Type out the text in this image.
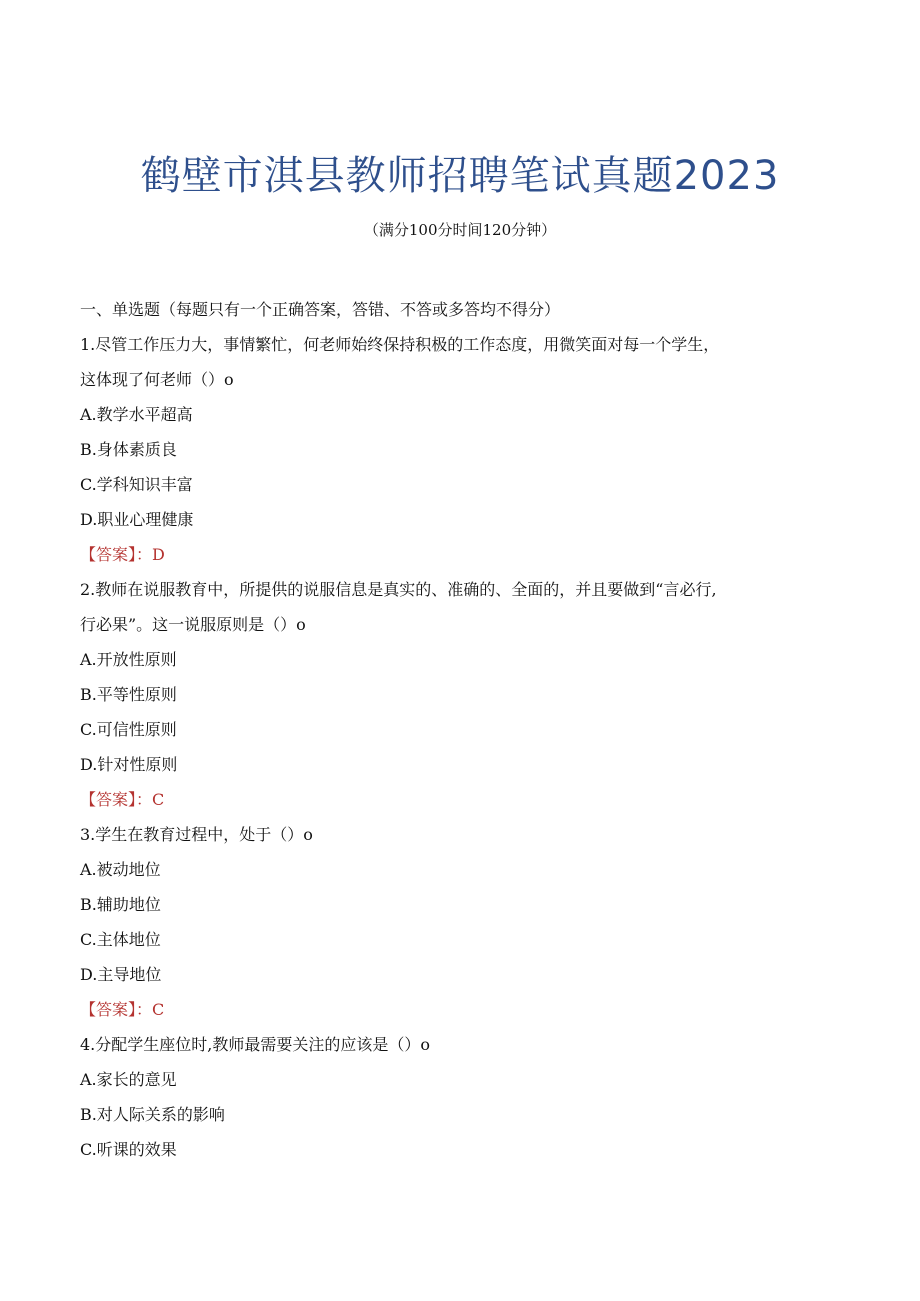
鹤壁市淇县教师招聘笔试真题2023
（满分100分时间120分钟）
一、单选题（每题只有一个正确答案，答错、不答或多答均不得分）
1.尽管工作压力大，事情繁忙，何老师始终保持积极的工作态度，用微笑面对每一个学生，
这体现了何老师（）o
A.教学水平超高
B.身体素质良
C.学科知识丰富
D.职业心理健康
【答案】：D
2.教师在说服教育中，所提供的说服信息是真实的、准确的、全面的，并且要做到“言必行,
行必果”。这一说服原则是（）o
A.开放性原则
B.平等性原则
C.可信性原则
D.针对性原则
【答案】：C
3.学生在教育过程中，处于（）o
A.被动地位
B.辅助地位
C.主体地位
D.主导地位
【答案】：C
4.分配学生座位时,教师最需要关注的应该是（）o
A.家长的意见
B.对人际关系的影响
C.听课的效果
